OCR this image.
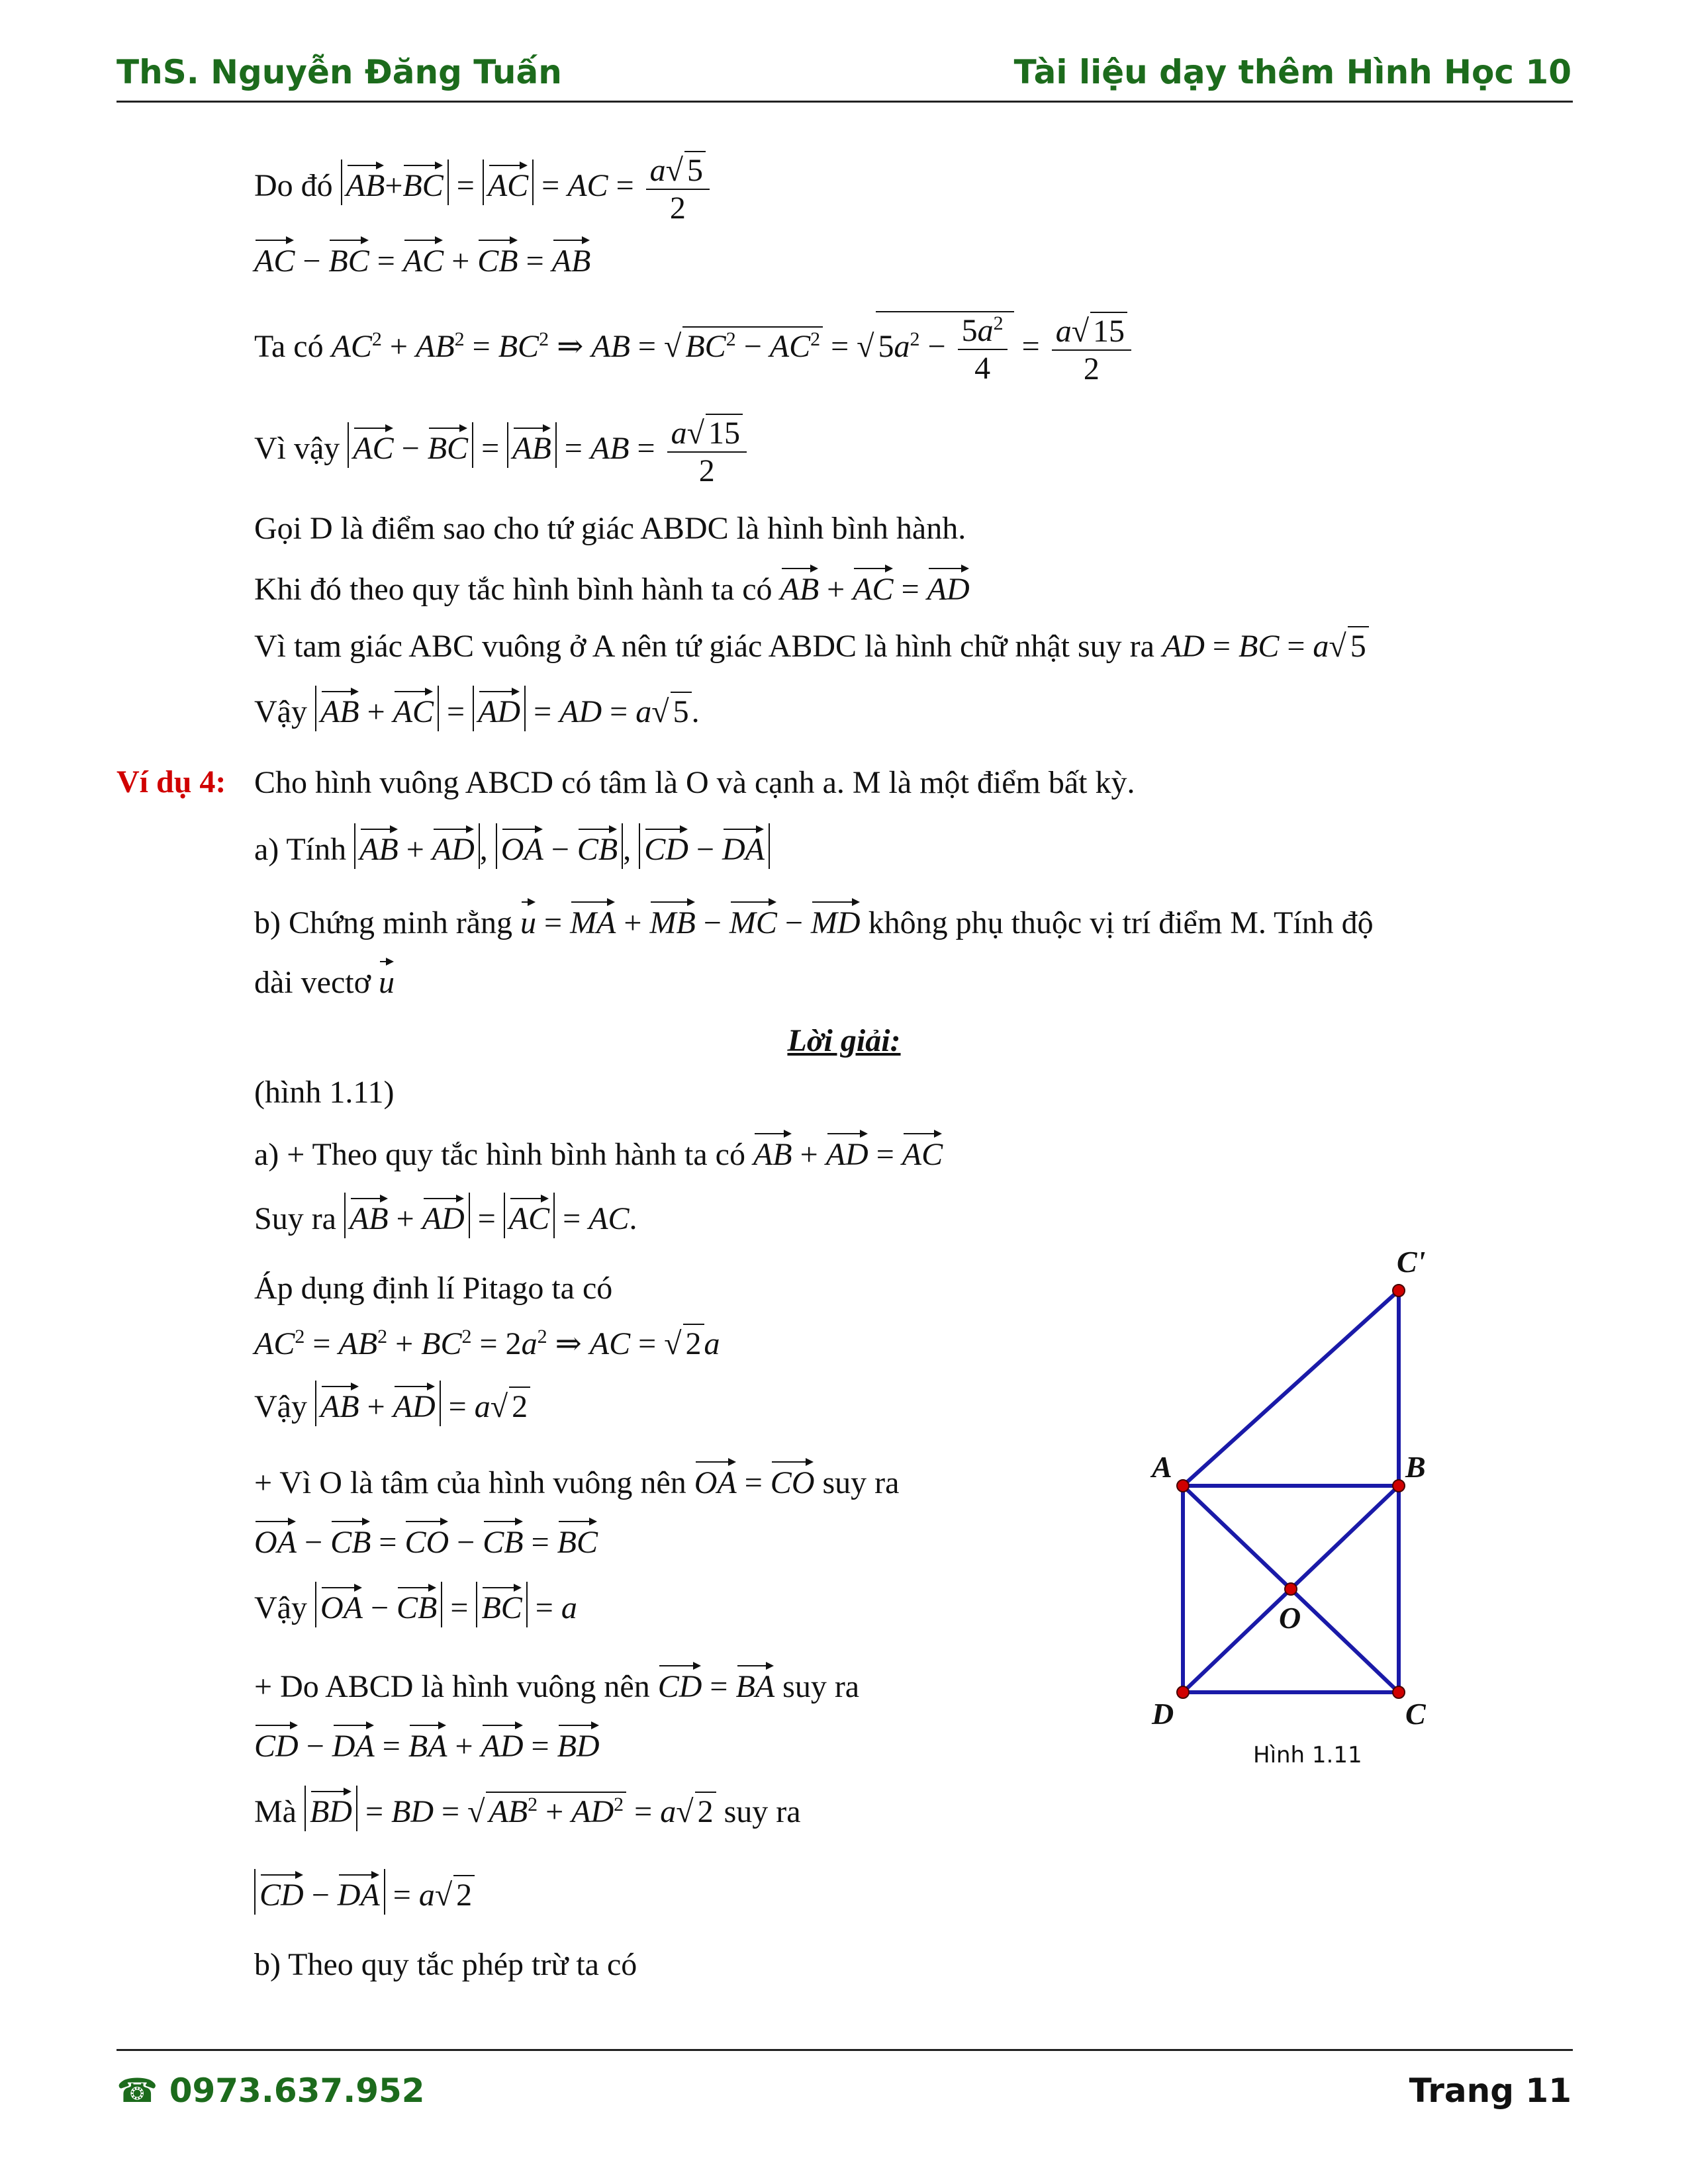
ThS. Nguyễn Đăng Tuấn	Tài liệu dạy thêm Hình Học 10
Do đó AB+BC = AC = AC = $\frac{a√ 5}{2}$
AC − BC = AC + CB = AB
Ta có $AC^2 + AB^2 = BC^2$ ⇒ AB = √ $BC^2 - AC^2$ = √ $5a^2 - \frac{5a^2}{4} = \frac{a√ 15}{2}$
Vì vậy AC − BC = AB = AB = $\frac{a√ 15}{2}$
Gọi D là điểm sao cho tứ giác ABDC là hình bình hành.
Khi đó theo quy tắc hình bình hành ta có AB + AC = AD
Vì tam giác ABC vuông ở A nên tứ giác ABDC là hình chữ nhật suy ra AD = BC = a√ 5
Vậy AB + AC = AD = AD = a√ 5.
Ví dụ 4: Cho hình vuông ABCD có tâm là O và cạnh a. M là một điểm bất kỳ.
a) Tính AB + AD , OA − CB , CD − DA
b) Chứng minh rằng u = MA + MB − MC − MD không phụ thuộc vị trí điểm M. Tính độ
dài vectơ u
Lời giải:
(hình 1.11)
a) + Theo quy tắc hình bình hành ta có AB + AD = AC
Suy ra AB + AD = AC = AC.
Áp dụng định lí Pitago ta có
$AC^2 = AB^2 + BC^2 = 2a^2$ ⇒ AC = √ 2a
Vậy AB + AD = a√ 2
+ Vì O là tâm của hình vuông nên OA = CO suy ra
OA − CB = CO − CB = BC
Vậy OA − CB = BC = a
+ Do ABCD là hình vuông nên CD = BA suy ra
CD − DA = BA + AD = BD
Mà BD = BD = √ $AB^2 + AD^2 = a√$ 2 suy ra
CD − DA = a√ 2
b) Theo quy tắc phép trừ ta có
A	B
C
D
O
C'
Hình 1.11
☎ 0973.637.952	Trang 11
